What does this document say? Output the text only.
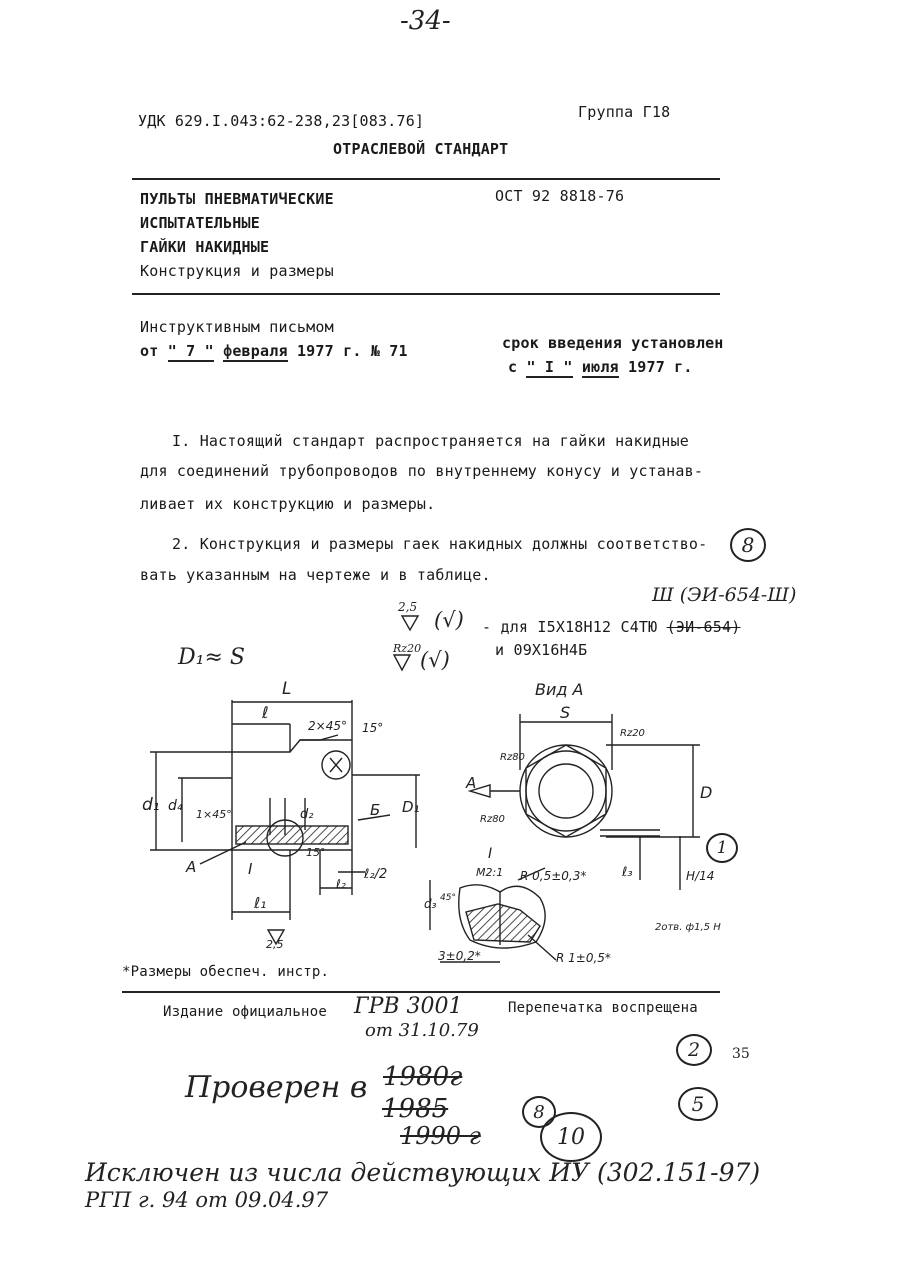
-34-
УДК 629.I.043:62-238,23[083.76]	Группа Г18
ОТРАСЛЕВОЙ СТАНДАРТ
ПУЛЬТЫ ПНЕВМАТИЧЕСКИЕ
ИСПЫТАТЕЛЬНЫЕ
ГАЙКИ НАКИДНЫЕ
Конструкция и размеры
ОСТ 92 8818-76
Инструктивным письмом
от " 7 " февраля 1977 г. № 71	срок введения установлен
с " I " июля 1977 г.
I. Настоящий стандарт распространяется на гайки накидные
для соединений трубопроводов по внутреннему конусу и устанав-
ливает их конструкцию и размеры.
2. Конструкция и размеры гаек накидных должны соответство-
вать указанным на чертеже и в таблице.
8
Ш (ЭИ-654-Ш)
2,5
(√)
Rz20
(√)
- для I5X18H12 С4ТЮ (ЭИ-654)
и 09Х16Н4Б
D₁≈ S
L
ℓ
2×45° 15°
d₁ d₄
1×45°	d₂	Б D₁
A	I
15°
ℓ₂
ℓ₂/2
ℓ₁
2,5
Вид А
S
Rz80
Rz20
Rz80
D
A
ℓ₃	H/14
2отв. ф1,5 Н
I
М2:1 R 0,5±0,3*
d₃ 45°
3±0,2*	R 1±0,5*
1
*Размеры обеспеч. инстр.
Издание официальное ГРВ 3001
от 31.10.79
Перепечатка воспрещена
2	35
Проверен в 1980г
1985
1990 г
8
10
5
Исключен из числа действующих ИУ (302.151-97)
РГП г. 94 от 09.04.97
